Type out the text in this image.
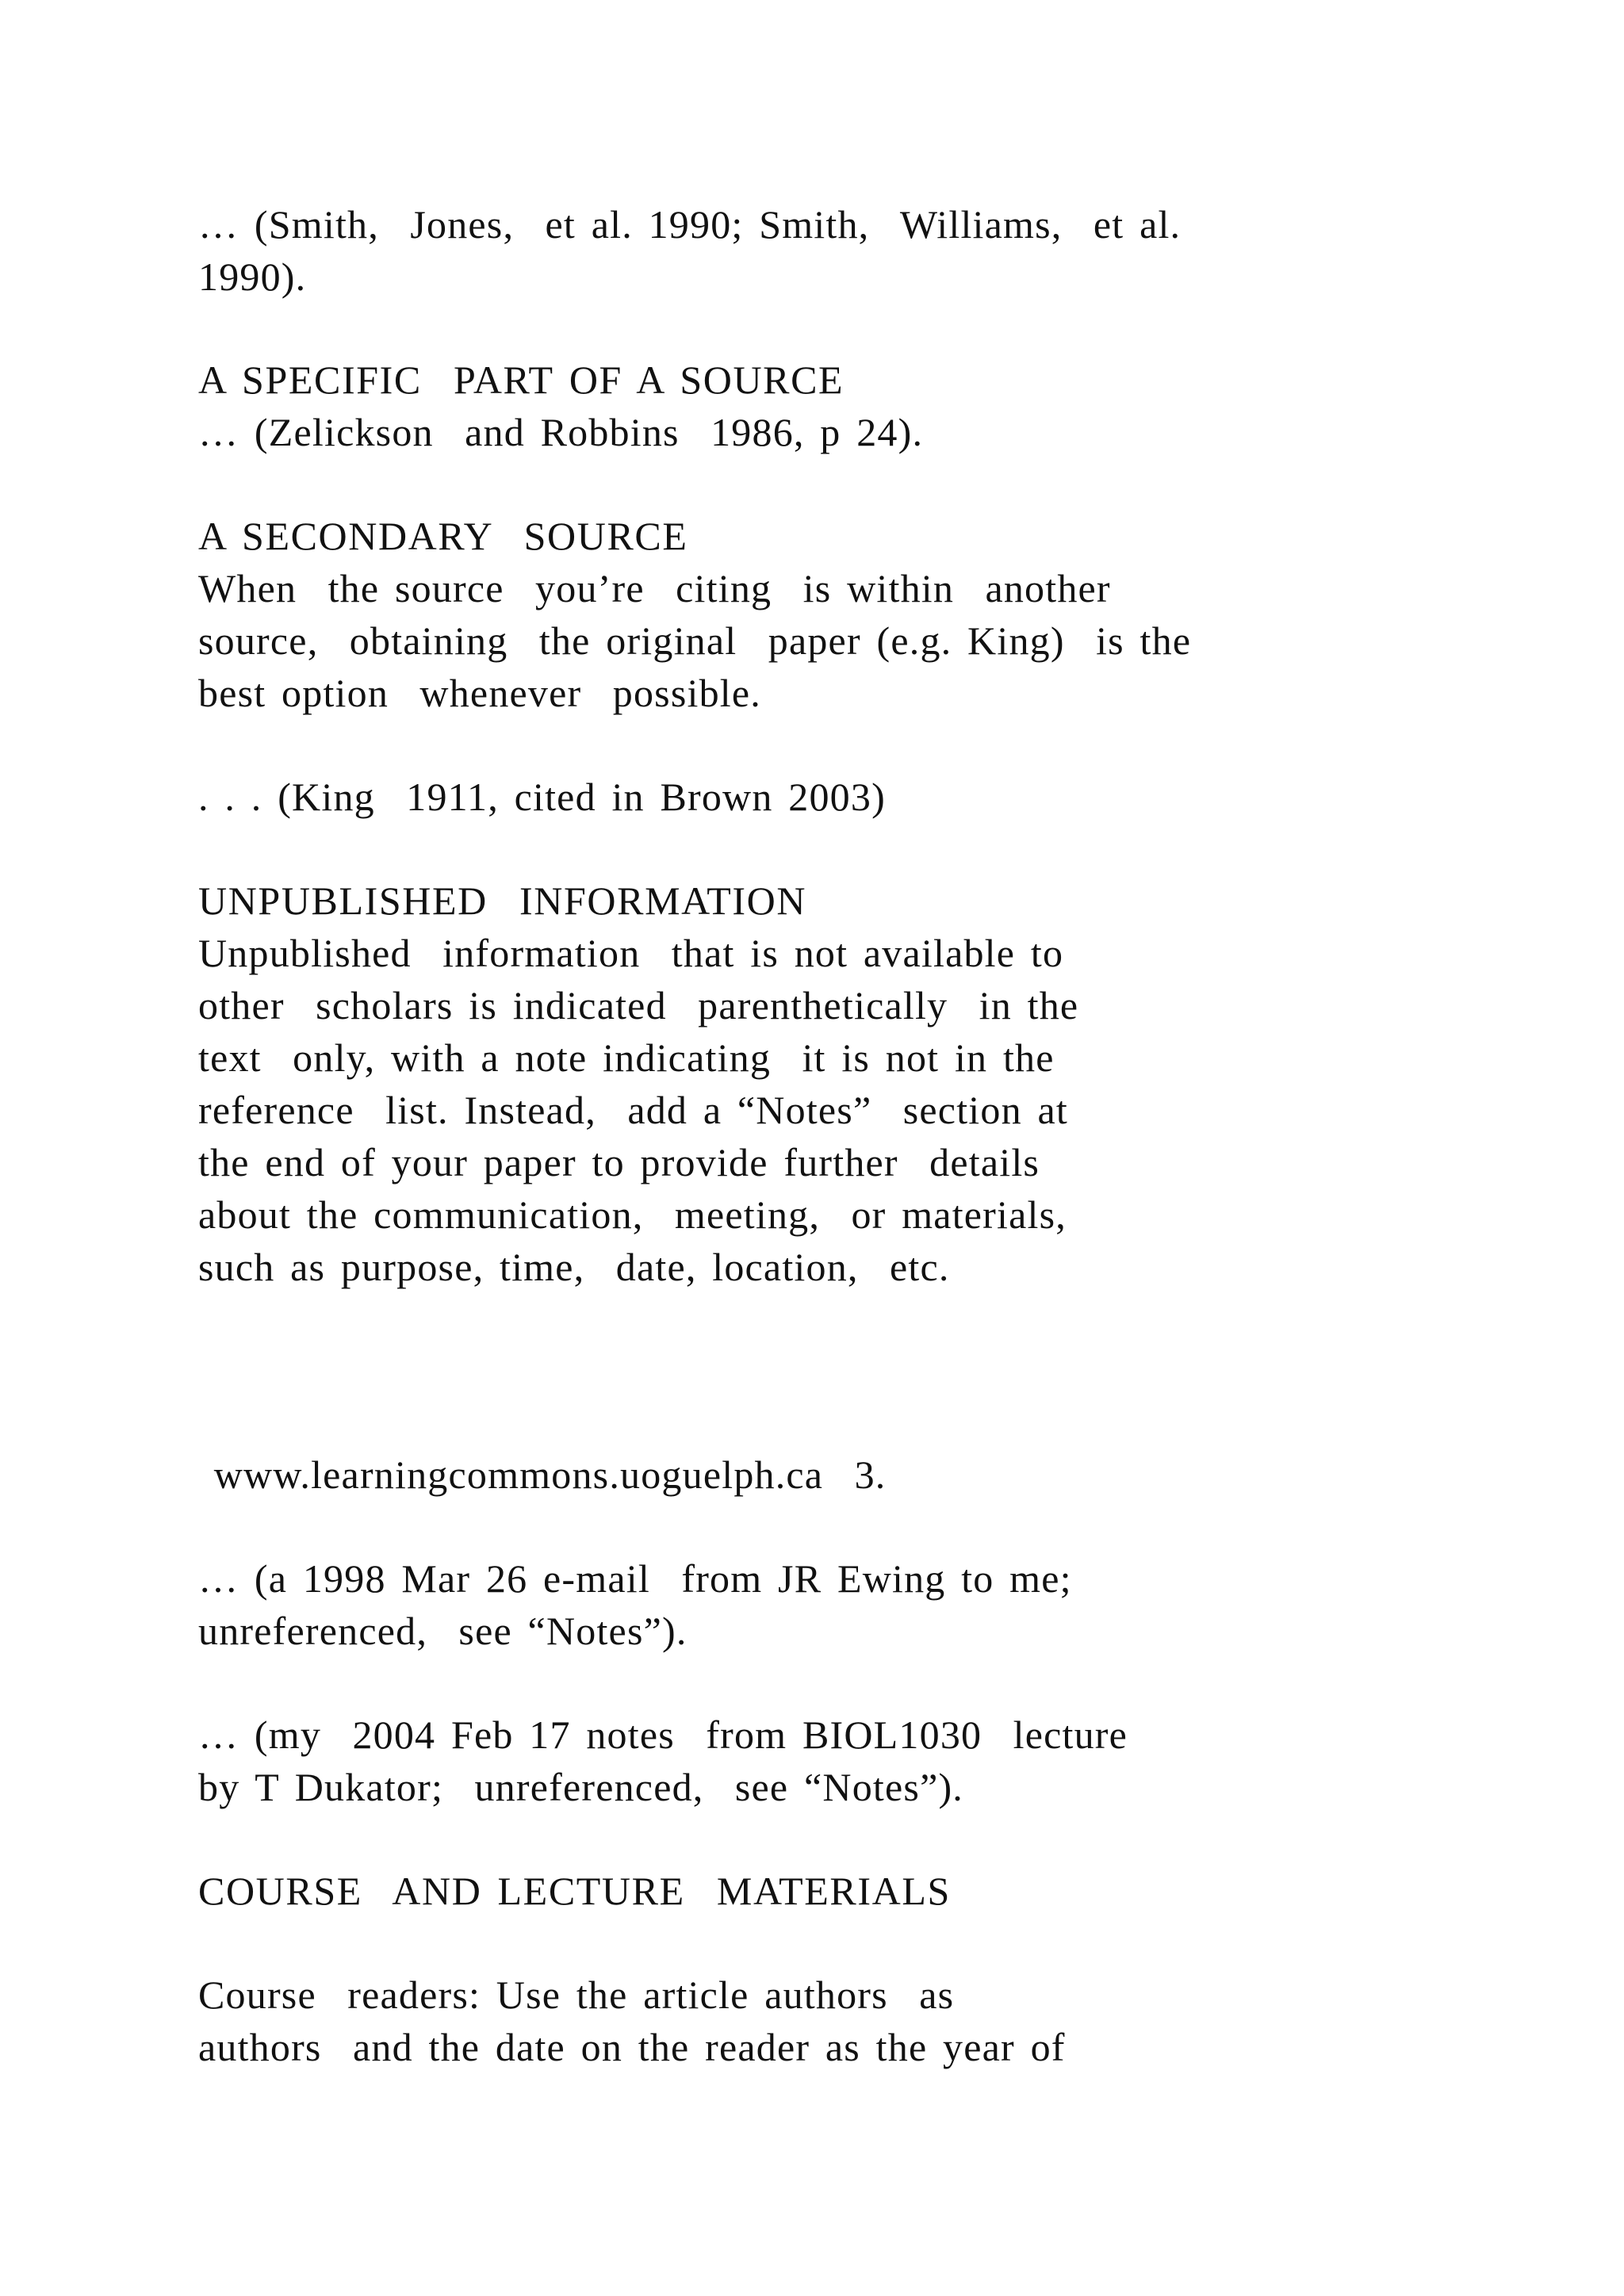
… (Smith,  Jones,  et al. 1990; Smith,  Williams,  et al.
1990).
A SPECIFIC  PART OF A SOURCE
… (Zelickson  and Robbins  1986, p 24).
A SECONDARY  SOURCE
When  the source  you’re  citing  is within  another
source,  obtaining  the original  paper (e.g. King)  is the
best option  whenever  possible.
. . . (King  1911, cited in Brown 2003)
UNPUBLISHED  INFORMATION
Unpublished  information  that is not available to
other  scholars is indicated  parenthetically  in the
text  only, with a note indicating  it is not in the
reference  list. Instead,  add a “Notes”  section at
the end of your paper to provide further  details
about the communication,  meeting,  or materials,
such as purpose, time,  date, location,  etc.
www.learningcommons.uoguelph.ca  3.
… (a 1998 Mar 26 e-mail  from JR Ewing to me;
unreferenced,  see “Notes”).
… (my  2004 Feb 17 notes  from BIOL1030  lecture
by T Dukator;  unreferenced,  see “Notes”).
COURSE  AND LECTURE  MATERIALS
Course  readers: Use the article authors  as
authors  and the date on the reader as the year of
